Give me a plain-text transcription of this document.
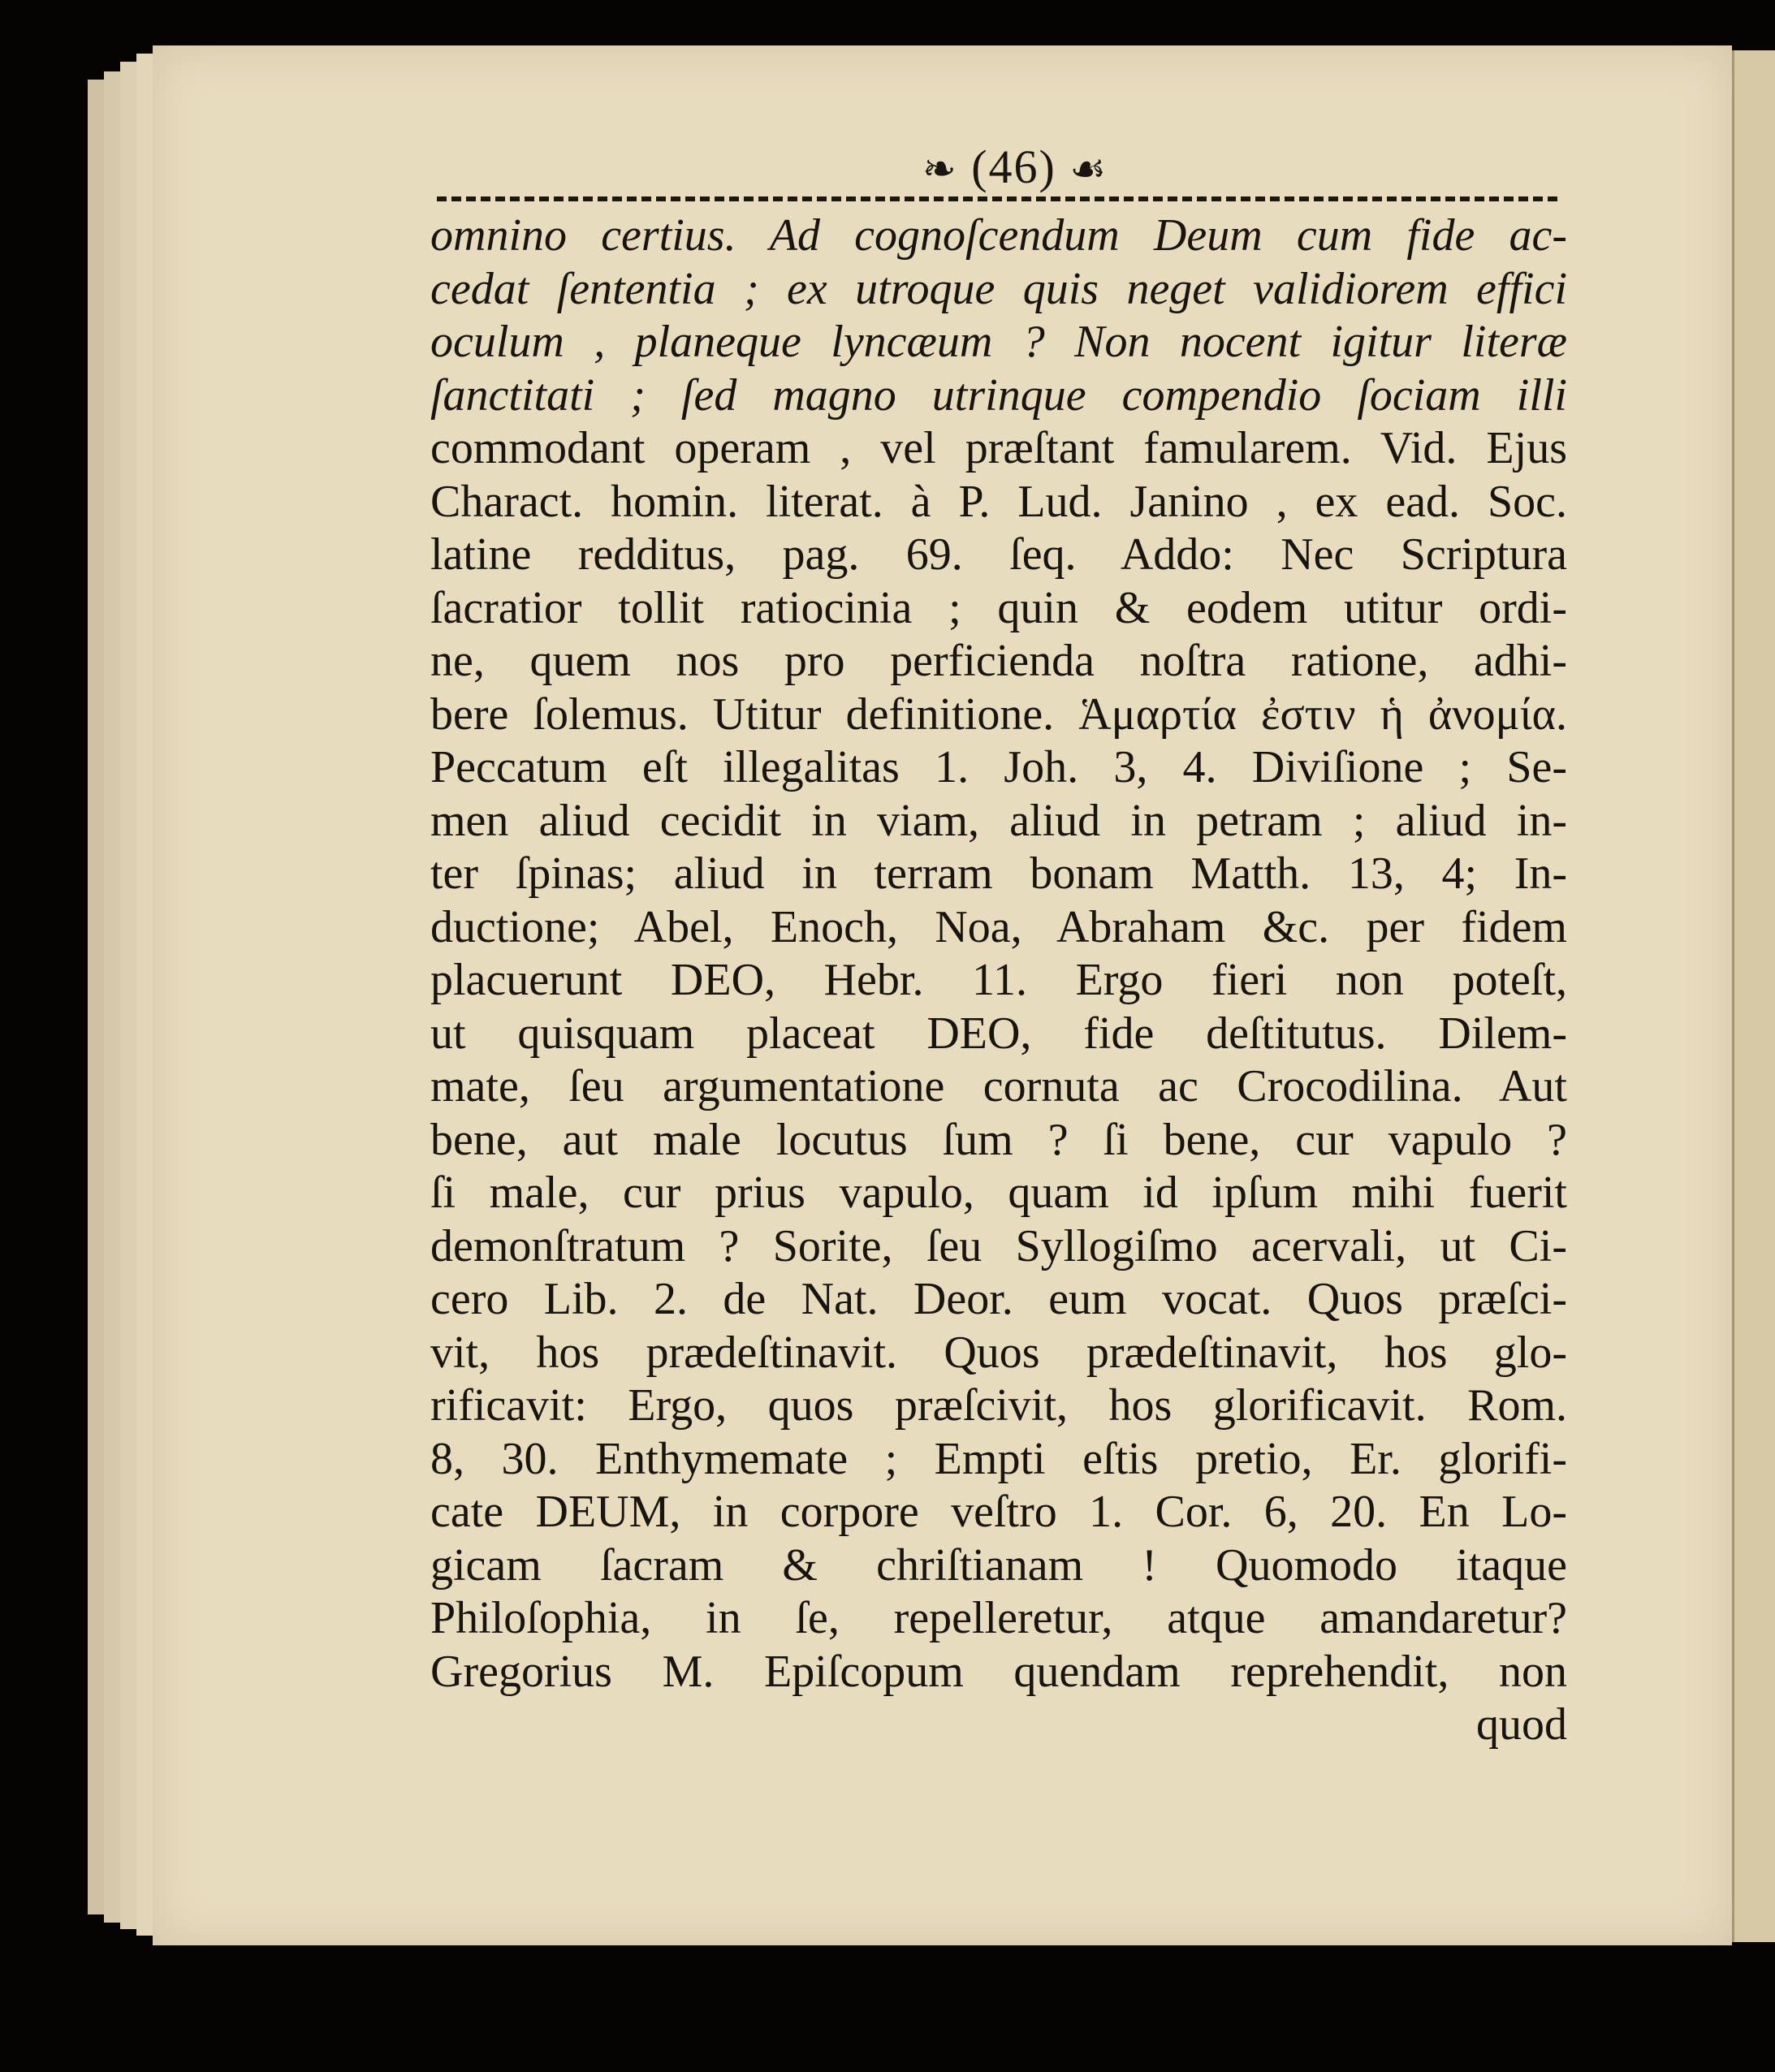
❧ (46) ☙
omnino certius. Ad cognoſcendum Deum cum fide ac-
cedat ſententia ; ex utroque quis neget validiorem effici
oculum , planeque lyncæum ? Non nocent igitur literæ
ſanctitati ; ſed magno utrinque compendio ſociam illi
commodant operam , vel præſtant famularem. Vid. Ejus
Charact. homin. literat. à P. Lud. Janino , ex ead. Soc.
latine redditus, pag. 69. ſeq. Addo: Nec Scriptura
ſacratior tollit ratiocinia ; quin & eodem utitur ordi-
ne, quem nos pro perficienda noſtra ratione, adhi-
bere ſolemus. Utitur definitione. Ἁμαρτία ἐστιν ἡ ἀνομία.
Peccatum eſt illegalitas 1. Joh. 3, 4. Diviſione ; Se-
men aliud cecidit in viam, aliud in petram ; aliud in-
ter ſpinas; aliud in terram bonam Matth. 13, 4; In-
ductione; Abel, Enoch, Noa, Abraham &c. per fidem
placuerunt DEO, Hebr. 11. Ergo fieri non poteſt,
ut quisquam placeat DEO, fide deſtitutus. Dilem-
mate, ſeu argumentatione cornuta ac Crocodilina. Aut
bene, aut male locutus ſum ? ſi bene, cur vapulo ?
ſi male, cur prius vapulo, quam id ipſum mihi fuerit
demonſtratum ? Sorite, ſeu Syllogiſmo acervali, ut Ci-
cero Lib. 2. de Nat. Deor. eum vocat. Quos præſci-
vit, hos prædeſtinavit. Quos prædeſtinavit, hos glo-
rificavit: Ergo, quos præſcivit, hos glorificavit. Rom.
8, 30. Enthymemate ; Empti eſtis pretio, Er. glorifi-
cate DEUM, in corpore veſtro 1. Cor. 6, 20. En Lo-
gicam ſacram & chriſtianam ! Quomodo itaque
Philoſophia, in ſe, repelleretur, atque amandaretur?
Gregorius M. Epiſcopum quendam reprehendit, non
quod
